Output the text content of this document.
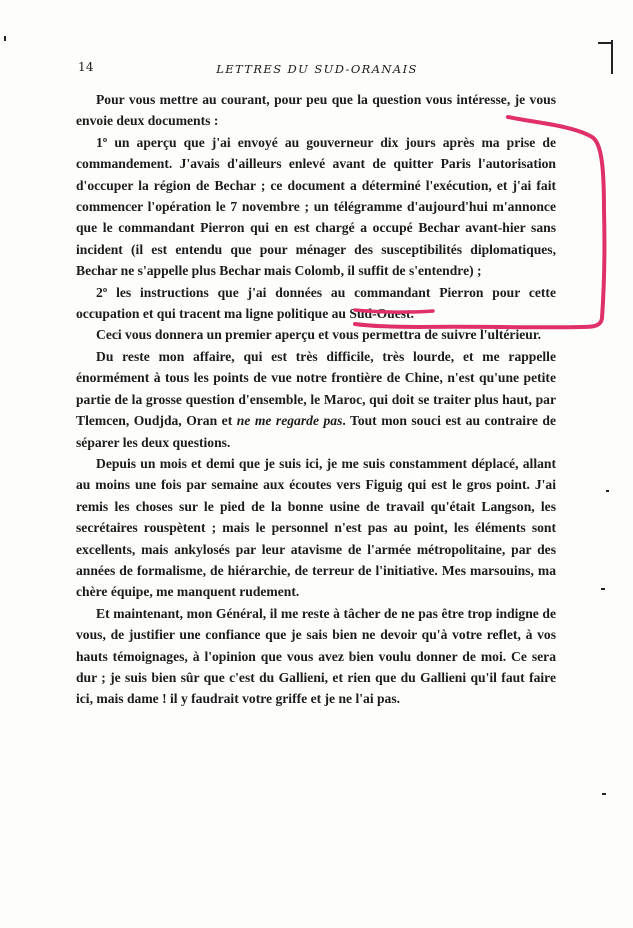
14	LETTRES DU SUD-ORANAIS

Pour vous mettre au courant, pour peu que la question vous intéresse, je vous envoie deux documents :

1º un aperçu que j'ai envoyé au gouverneur dix jours après ma prise de commandement. J'avais d'ailleurs enlevé avant de quitter Paris l'autorisation d'occuper la région de Bechar ; ce document a déterminé l'exécution, et j'ai fait commencer l'opération le 7 novembre ; un télégramme d'aujourd'hui m'annonce que le commandant Pierron qui en est chargé a occupé Bechar avant-hier sans incident (il est entendu que pour ménager des susceptibilités diplomatiques, Bechar ne s'appelle plus Bechar mais Colomb, il suffit de s'entendre) ;

2º les instructions que j'ai données au commandant Pierron pour cette occupation et qui tracent ma ligne politique au Sud-Ouest.

Ceci vous donnera un premier aperçu et vous permettra de suivre l'ultérieur.

Du reste mon affaire, qui est très difficile, très lourde, et me rappelle énormément à tous les points de vue notre frontière de Chine, n'est qu'une petite partie de la grosse question d'ensemble, le Maroc, qui doit se traiter plus haut, par Tlemcen, Oudjda, Oran et ne me regarde pas. Tout mon souci est au contraire de séparer les deux questions.

Depuis un mois et demi que je suis ici, je me suis constamment déplacé, allant au moins une fois par semaine aux écoutes vers Figuig qui est le gros point. J'ai remis les choses sur le pied de la bonne usine de travail qu'était Langson, les secrétaires rouspètent ; mais le personnel n'est pas au point, les éléments sont excellents, mais ankylosés par leur atavisme de l'armée métropolitaine, par des années de formalisme, de hiérarchie, de terreur de l'initiative. Mes marsouins, ma chère équipe, me manquent rudement.

Et maintenant, mon Général, il me reste à tâcher de ne pas être trop indigne de vous, de justifier une confiance que je sais bien ne devoir qu'à votre reflet, à vos hauts témoignages, à l'opinion que vous avez bien voulu donner de moi. Ce sera dur ; je suis bien sûr que c'est du Gallieni, et rien que du Gallieni qu'il faut faire ici, mais dame ! il y faudrait votre griffe et je ne l'ai pas.
